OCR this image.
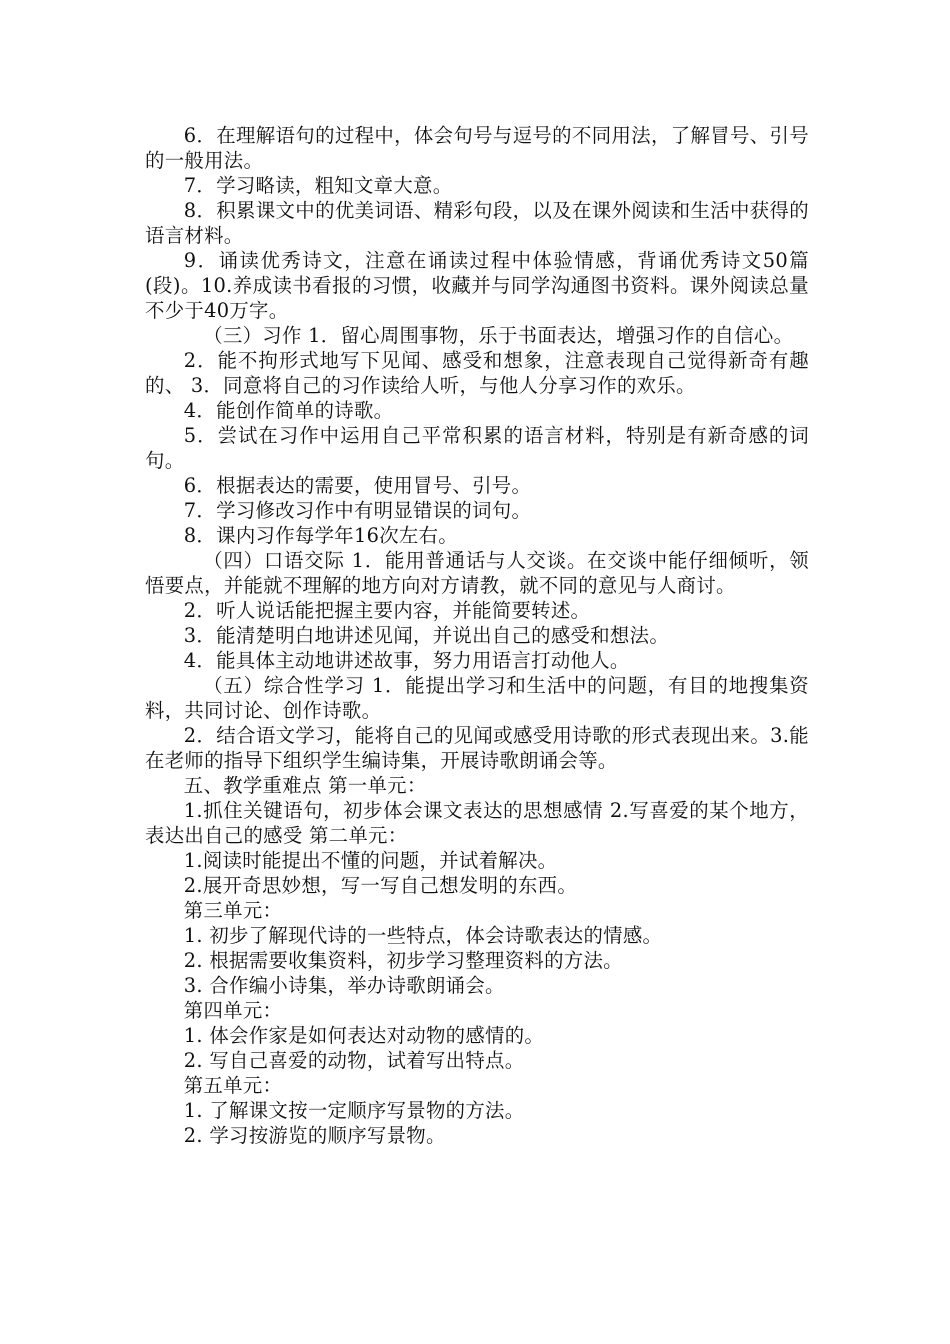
6．在理解语句的过程中，体会句号与逗号的不同用法，了解冒号、引号的一般用法。

7．学习略读，粗知文章大意。

8．积累课文中的优美词语、精彩句段，以及在课外阅读和生活中获得的语言材料。

9．诵读优秀诗文，注意在诵读过程中体验情感，背诵优秀诗文50篇(段)。10.养成读书看报的习惯，收藏并与同学沟通图书资料。课外阅读总量 不少于40万字。

（三）习作 1．留心周围事物，乐于书面表达，增强习作的自信心。

2．能不拘形式地写下见闻、感受和想象，注意表现自己觉得新奇有趣的、 3．同意将自己的习作读给人听，与他人分享习作的欢乐。

4．能创作简单的诗歌。

5．尝试在习作中运用自己平常积累的语言材料，特别是有新奇感的词句。

6．根据表达的需要，使用冒号、引号。

7．学习修改习作中有明显错误的词句。

8．课内习作每学年16次左右。

（四）口语交际 1．能用普通话与人交谈。在交谈中能仔细倾听，领悟要点，并能就不理解的地方向对方请教，就不同的意见与人商讨。

2．听人说话能把握主要内容，并能简要转述。

3．能清楚明白地讲述见闻，并说出自己的感受和想法。

4．能具体主动地讲述故事，努力用语言打动他人。

（五）综合性学习 1．能提出学习和生活中的问题，有目的地搜集资料，共同讨论、创作诗歌。

2．结合语文学习，能将自己的见闻或感受用诗歌的形式表现出来。3.能在老师的指导下组织学生编诗集，开展诗歌朗诵会等。

五、教学重难点 第一单元：

1.抓住关键语句，初步体会课文表达的思想感情 2.写喜爱的某个地方，表达出自己的感受 第二单元：

1.阅读时能提出不懂的问题，并试着解决。

2.展开奇思妙想，写一写自己想发明的东西。

第三单元：

1. 初步了解现代诗的一些特点，体会诗歌表达的情感。

2. 根据需要收集资料，初步学习整理资料的方法。

3. 合作编小诗集，举办诗歌朗诵会。

第四单元：

1. 体会作家是如何表达对动物的感情的。

2. 写自己喜爱的动物，试着写出特点。

第五单元：

1. 了解课文按一定顺序写景物的方法。

2. 学习按游览的顺序写景物。
